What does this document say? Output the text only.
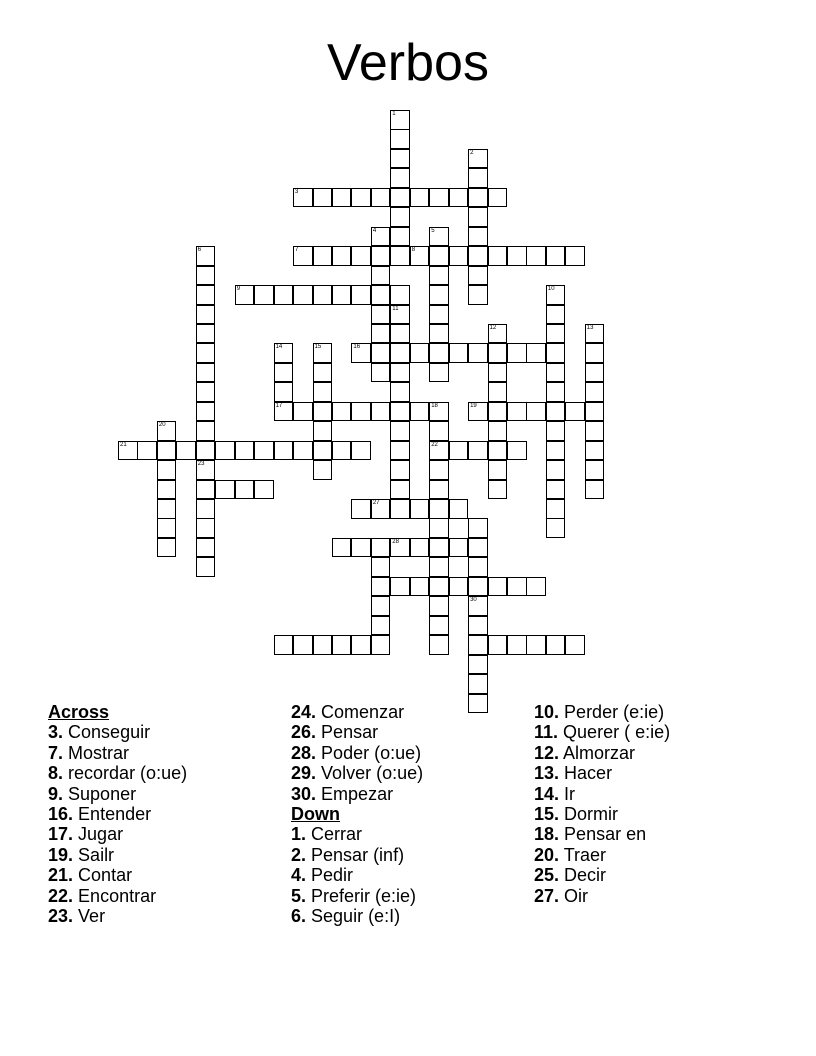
Verbos
1
2
3
4	5
6	7	8
9	10
11
12	13
14	15	16
17	18	19
20
21	22
23
27
28
30
Across
3. Conseguir
7. Mostrar
8. recordar (o:ue)
9. Suponer
16. Entender
17. Jugar
19. Sailr
21. Contar
22. Encontrar
23. Ver
24. Comenzar
26. Pensar
28. Poder (o:ue)
29. Volver (o:ue)
30. Empezar
Down
1. Cerrar
2. Pensar (inf)
4. Pedir
5. Preferir (e:ie)
6. Seguir (e:I)
10. Perder (e:ie)
11. Querer ( e:ie)
12. Almorzar
13. Hacer
14. Ir
15. Dormir
18. Pensar en
20. Traer
25. Decir
27. Oir
